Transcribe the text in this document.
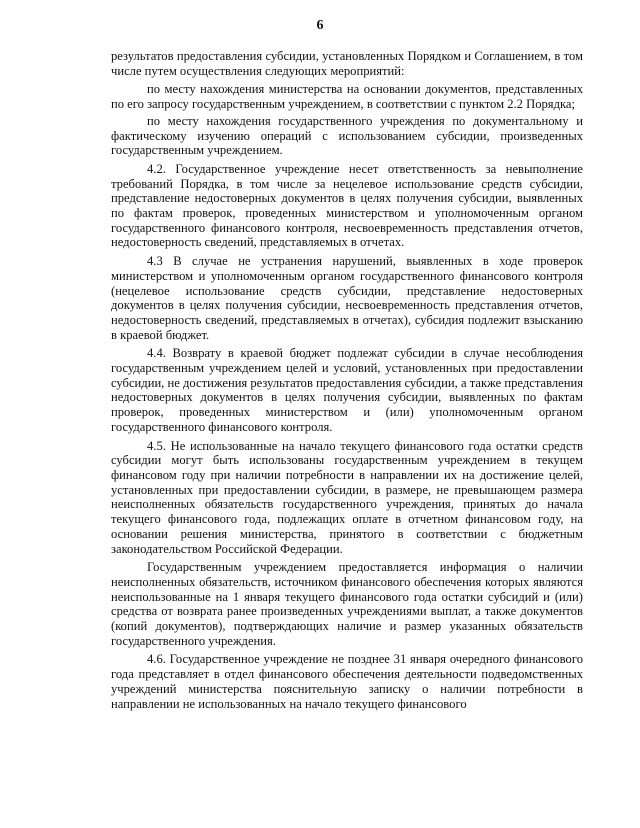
6

результатов предоставления субсидии, установленных Порядком и Соглашением, в том числе путем осуществления следующих мероприятий:

по месту нахождения министерства на основании документов, представленных по его запросу государственным учреждением, в соответствии с пунктом 2.2 Порядка;

по месту нахождения государственного учреждения по документальному и фактическому изучению операций с использованием субсидии, произведенных государственным учреждением.

4.2. Государственное учреждение несет ответственность за невыполнение требований Порядка, в том числе за нецелевое использование средств субсидии, представление недостоверных документов в целях получения субсидии, выявленных по фактам проверок, проведенных министерством и уполномоченным органом государственного финансового контроля, несвоевременность представления отчетов, недостоверность сведений, представляемых в отчетах.

4.3 В случае не устранения нарушений, выявленных в ходе проверок министерством и уполномоченным органом государственного финансового контроля (нецелевое использование средств субсидии, представление недостоверных документов в целях получения субсидии, несвоевременность представления отчетов, недостоверность сведений, представляемых в отчетах), субсидия подлежит взысканию в краевой бюджет.

4.4. Возврату в краевой бюджет подлежат субсидии в случае несоблюдения государственным учреждением целей и условий, установленных при предоставлении субсидии, не достижения результатов предоставления субсидии, а также представления недостоверных документов в целях получения субсидии, выявленных по фактам проверок, проведенных министерством и (или) уполномоченным органом государственного финансового контроля.

4.5. Не использованные на начало текущего финансового года остатки средств субсидии могут быть использованы государственным учреждением в текущем финансовом году при наличии потребности в направлении их на достижение целей, установленных при предоставлении субсидии, в размере, не превышающем размера неисполненных обязательств государственного учреждения, принятых до начала текущего финансового года, подлежащих оплате в отчетном финансовом году, на основании решения министерства, принятого в соответствии с бюджетным законодательством Российской Федерации.

Государственным учреждением предоставляется информация о наличии неисполненных обязательств, источником финансового обеспечения которых являются неиспользованные на 1 января текущего финансового года остатки субсидий и (или) средства от возврата ранее произведенных учреждениями выплат, а также документов (копий документов), подтверждающих наличие и размер указанных обязательств государственного учреждения.

4.6. Государственное учреждение не позднее 31 января очередного финансового года представляет в отдел финансового обеспечения деятельности подведомственных учреждений министерства пояснительную записку о наличии потребности в направлении не использованных на начало текущего финансового
